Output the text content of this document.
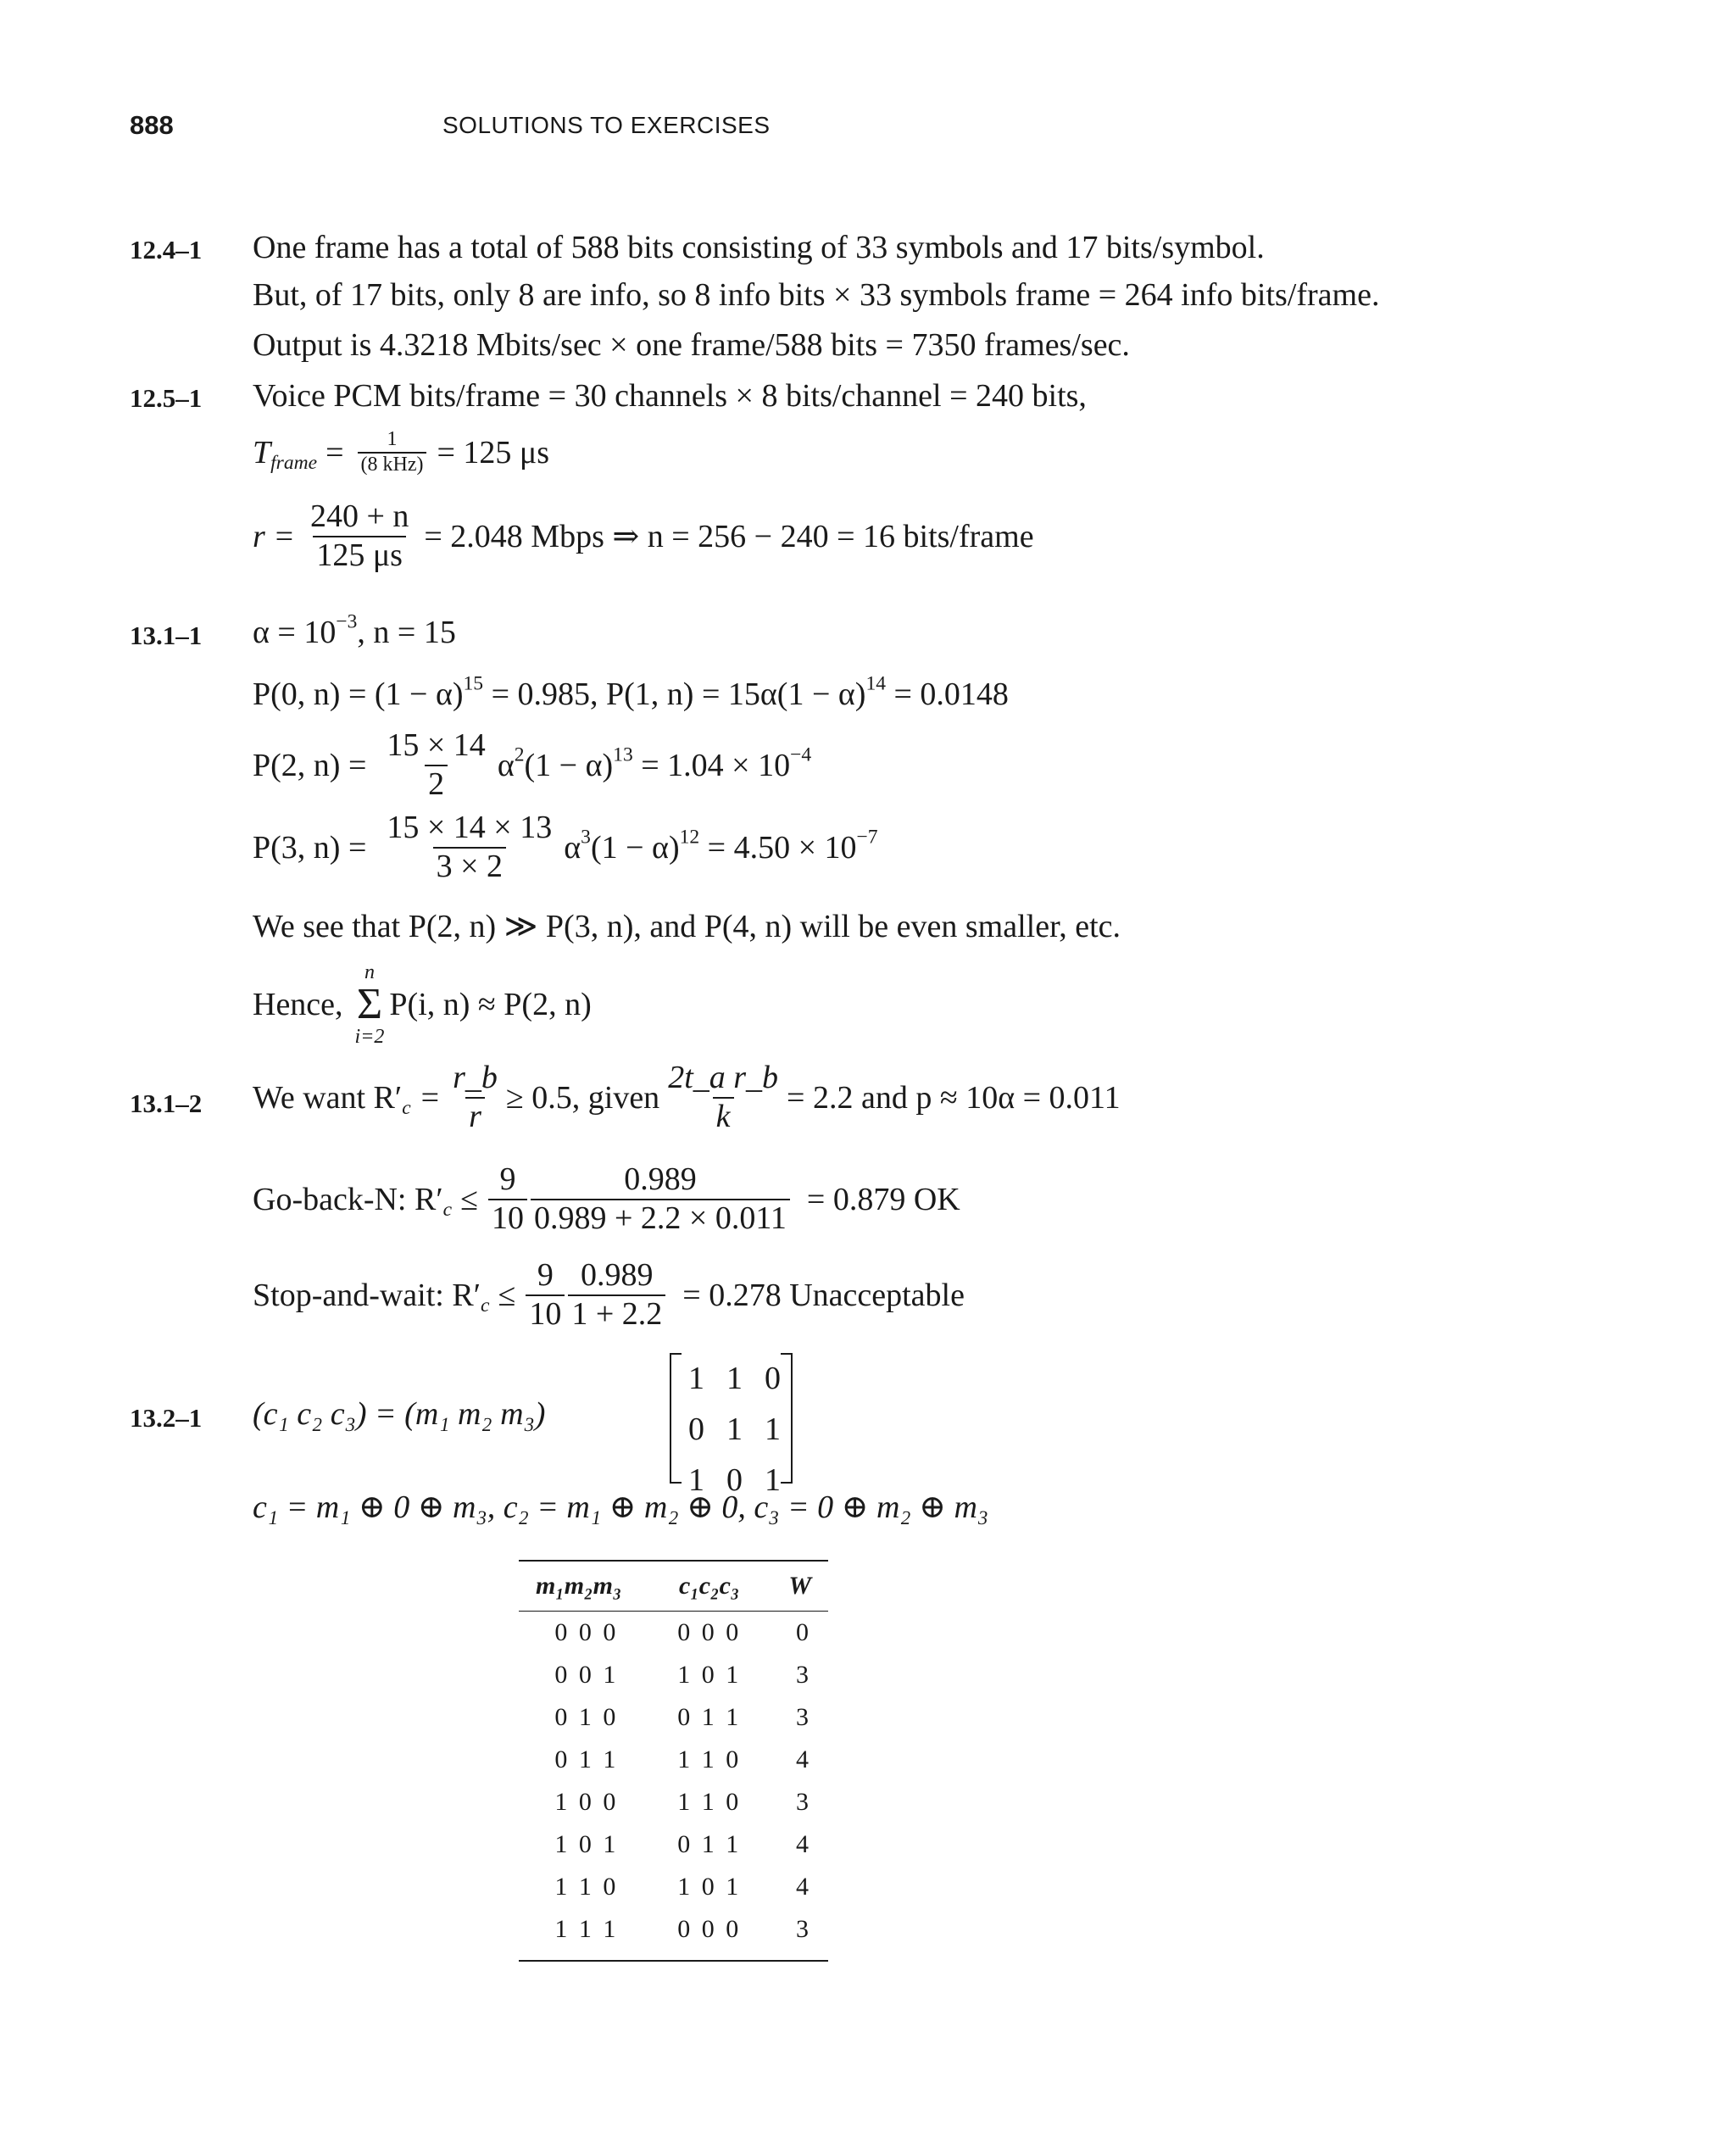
888	SOLUTIONS TO EXERCISES
12.4–1 One frame has a total of 588 bits consisting of 33 symbols and 17 bits/symbol.
But, of 17 bits, only 8 are info, so 8 info bits × 33 symbols frame = 264 info bits/frame.
Output is 4.3218 Mbits/sec × one frame/588 bits = 7350 frames/sec.
12.5–1 Voice PCM bits/frame = 30 channels × 8 bits/channel = 240 bits,
$T_{frame} = \frac{1}{\text{(8 kHz)}} = 125$ μs
$r = \frac{240 + n}{125 \mu s} = 2.048$ Mbps ⇒ n = 256 − 240 = 16 bits/frame
13.1–1 $\alpha = 10^{-3}$, n = 15
P(0, $n) = (1 - \alpha)^{15} = 0.985$, P(1, $n) = 15\alpha(1 - \alpha)^{14} = 0.0148$
P(2, $n) = \frac{15 \times 14}{2} \alpha^2(1 - \alpha)^{13} = 1.04 \times 10^{-4}$
P(3, $n) = \frac{15 \times 14 \times 13}{3 \times 2} \alpha^3(1 - \alpha)^{12} = 4.50 \times 10^{-7}$
We see that P(2, n) ≫ P(3, n), and P(4, n) will be even smaller, etc.
Hence,
n
Σ
i=2
P(i, n) ≈ P(2, n)
13.1–2 We want $R'_c = \frac{r\_b}{r} \ge 0.5$, given $\frac{\text{2t\_a r\_b}}{k} = 2.2$ and p ≈ 10α = 0.011
Go-back-N: $R'_c \le \frac{9}{10} \frac{0.989}{0.989 + 2.2 \times 0.011} = 0.879$ OK
Stop-and-wait: $R'_c \le \frac{9}{10} \frac{0.989}{1 + 2.2} = 0.278$ Unacceptable
13.2–1 (c₁ c₂ c₃) = (m₁ m₂ m₃)
1 1 0
0 1 1
1 0 1
c₁ = m₁ ⊕ 0 ⊕ m₃, c₂ = m₁ ⊕ m₂ ⊕ 0, c₃ = 0 ⊕ m₂ ⊕ m₃
m₁m₂m₃	c₁c₂c₃	W
0 0 0	0 0 0	0
0 0 1	1 0 1	3
0 1 0	0 1 1	3
0 1 1	1 1 0	4
1 0 0	1 1 0	3
1 0 1	0 1 1	4
1 1 0	1 0 1	4
1 1 1	0 0 0	3
